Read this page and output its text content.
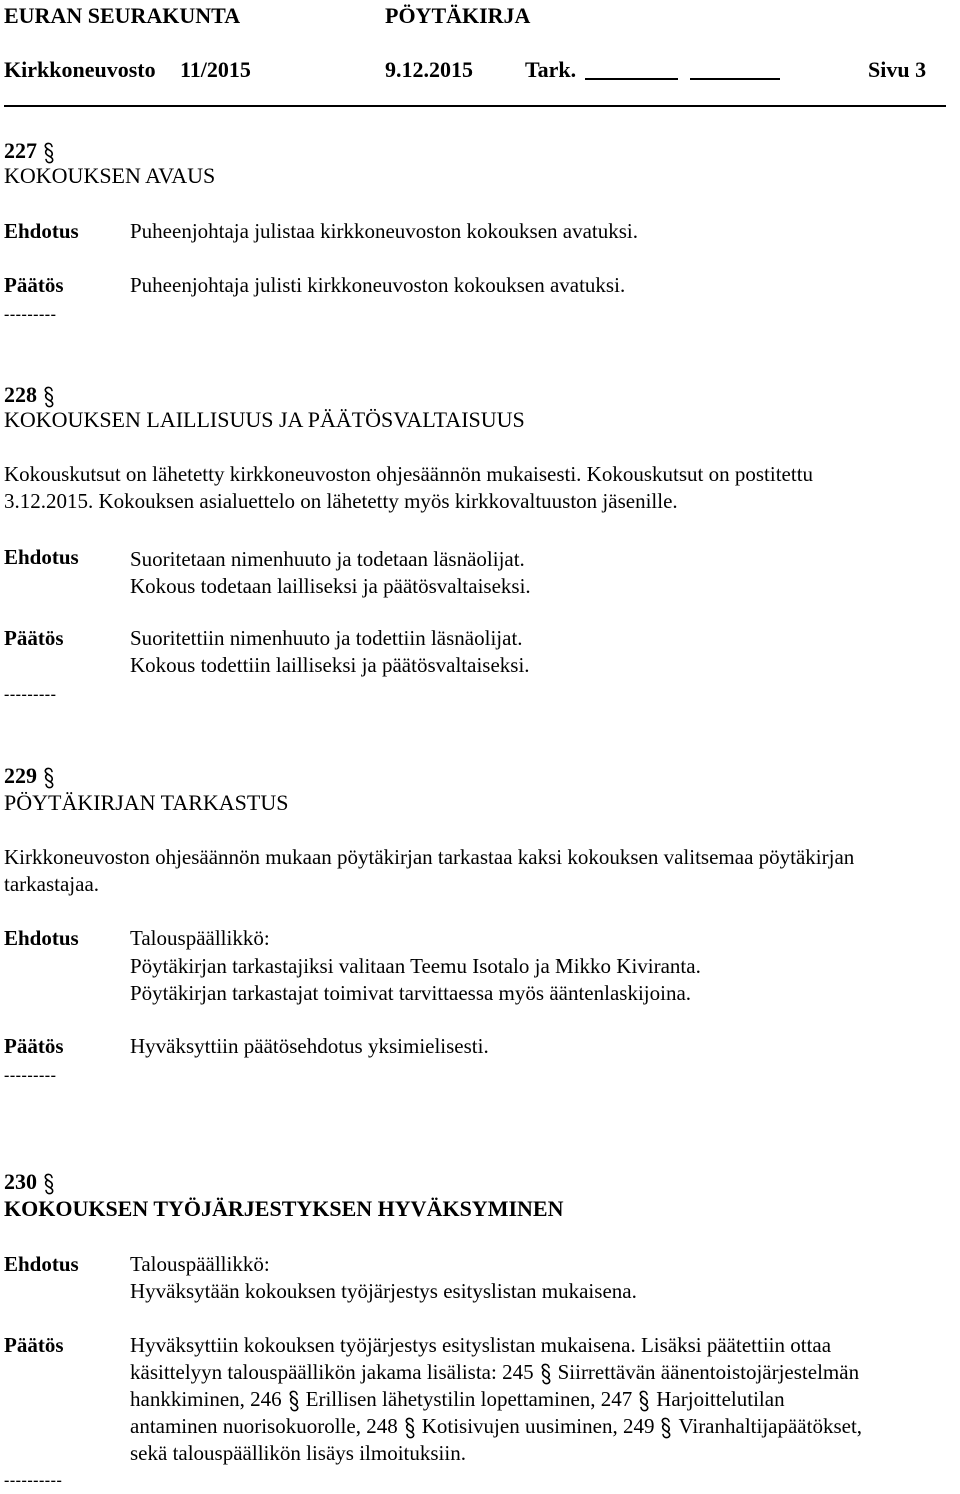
EURAN SEURAKUNTA	PÖYTÄKIRJA
Kirkkoneuvosto 11/2015	9.12.2015 Tark.	Sivu 3
227
KOKOUKSEN AVAUS
Ehdotus Puheenjohtaja julistaa kirkkoneuvoston kokouksen avatuksi.
Päätös	Puheenjohtaja julisti kirkkoneuvoston kokouksen avatuksi.
---------
228
KOKOUKSEN LAILLISUUS JA PÄÄTÖSVALTAISUUS
Kokouskutsut on lähetetty kirkkoneuvoston ohjesäännön mukaisesti. Kokouskutsut on postitettu
3.12.2015. Kokouksen asialuettelo on lähetetty myös kirkkovaltuuston jäsenille.
Ehdotus Suoritetaan nimenhuuto ja todetaan läsnäolijat.
Kokous todetaan lailliseksi ja päätösvaltaiseksi.
Päätös	Suoritettiin nimenhuuto ja todettiin läsnäolijat.
Kokous todettiin lailliseksi ja päätösvaltaiseksi.
---------
229
PÖYTÄKIRJAN TARKASTUS
Kirkkoneuvoston ohjesäännön mukaan pöytäkirjan tarkastaa kaksi kokouksen valitsemaa pöytäkirjan
tarkastajaa.
Ehdotus Talouspäällikkö:
Pöytäkirjan tarkastajiksi valitaan Teemu Isotalo ja Mikko Kiviranta.
Pöytäkirjan tarkastajat toimivat tarvittaessa myös ääntenlaskijoina.
Päätös	Hyväksyttiin päätösehdotus yksimielisesti.
---------
230
KOKOUKSEN TYÖJÄRJESTYKSEN HYVÄKSYMINEN
Ehdotus Talouspäällikkö:
Hyväksytään kokouksen työjärjestys esityslistan mukaisena.
Päätös	Hyväksyttiin kokouksen työjärjestys esityslistan mukaisena. Lisäksi päätettiin ottaa
käsittelyyn talouspäällikön jakama lisälista: 245 Siirrettävän äänentoistojärjestelmän
hankkiminen, 246 Erillisen lähetystilin lopettaminen, 247 Harjoittelutilan
antaminen nuorisokuorolle, 248 Kotisivujen uusiminen, 249 Viranhaltijapäätökset,
sekä talouspäällikön lisäys ilmoituksiin.
----------
